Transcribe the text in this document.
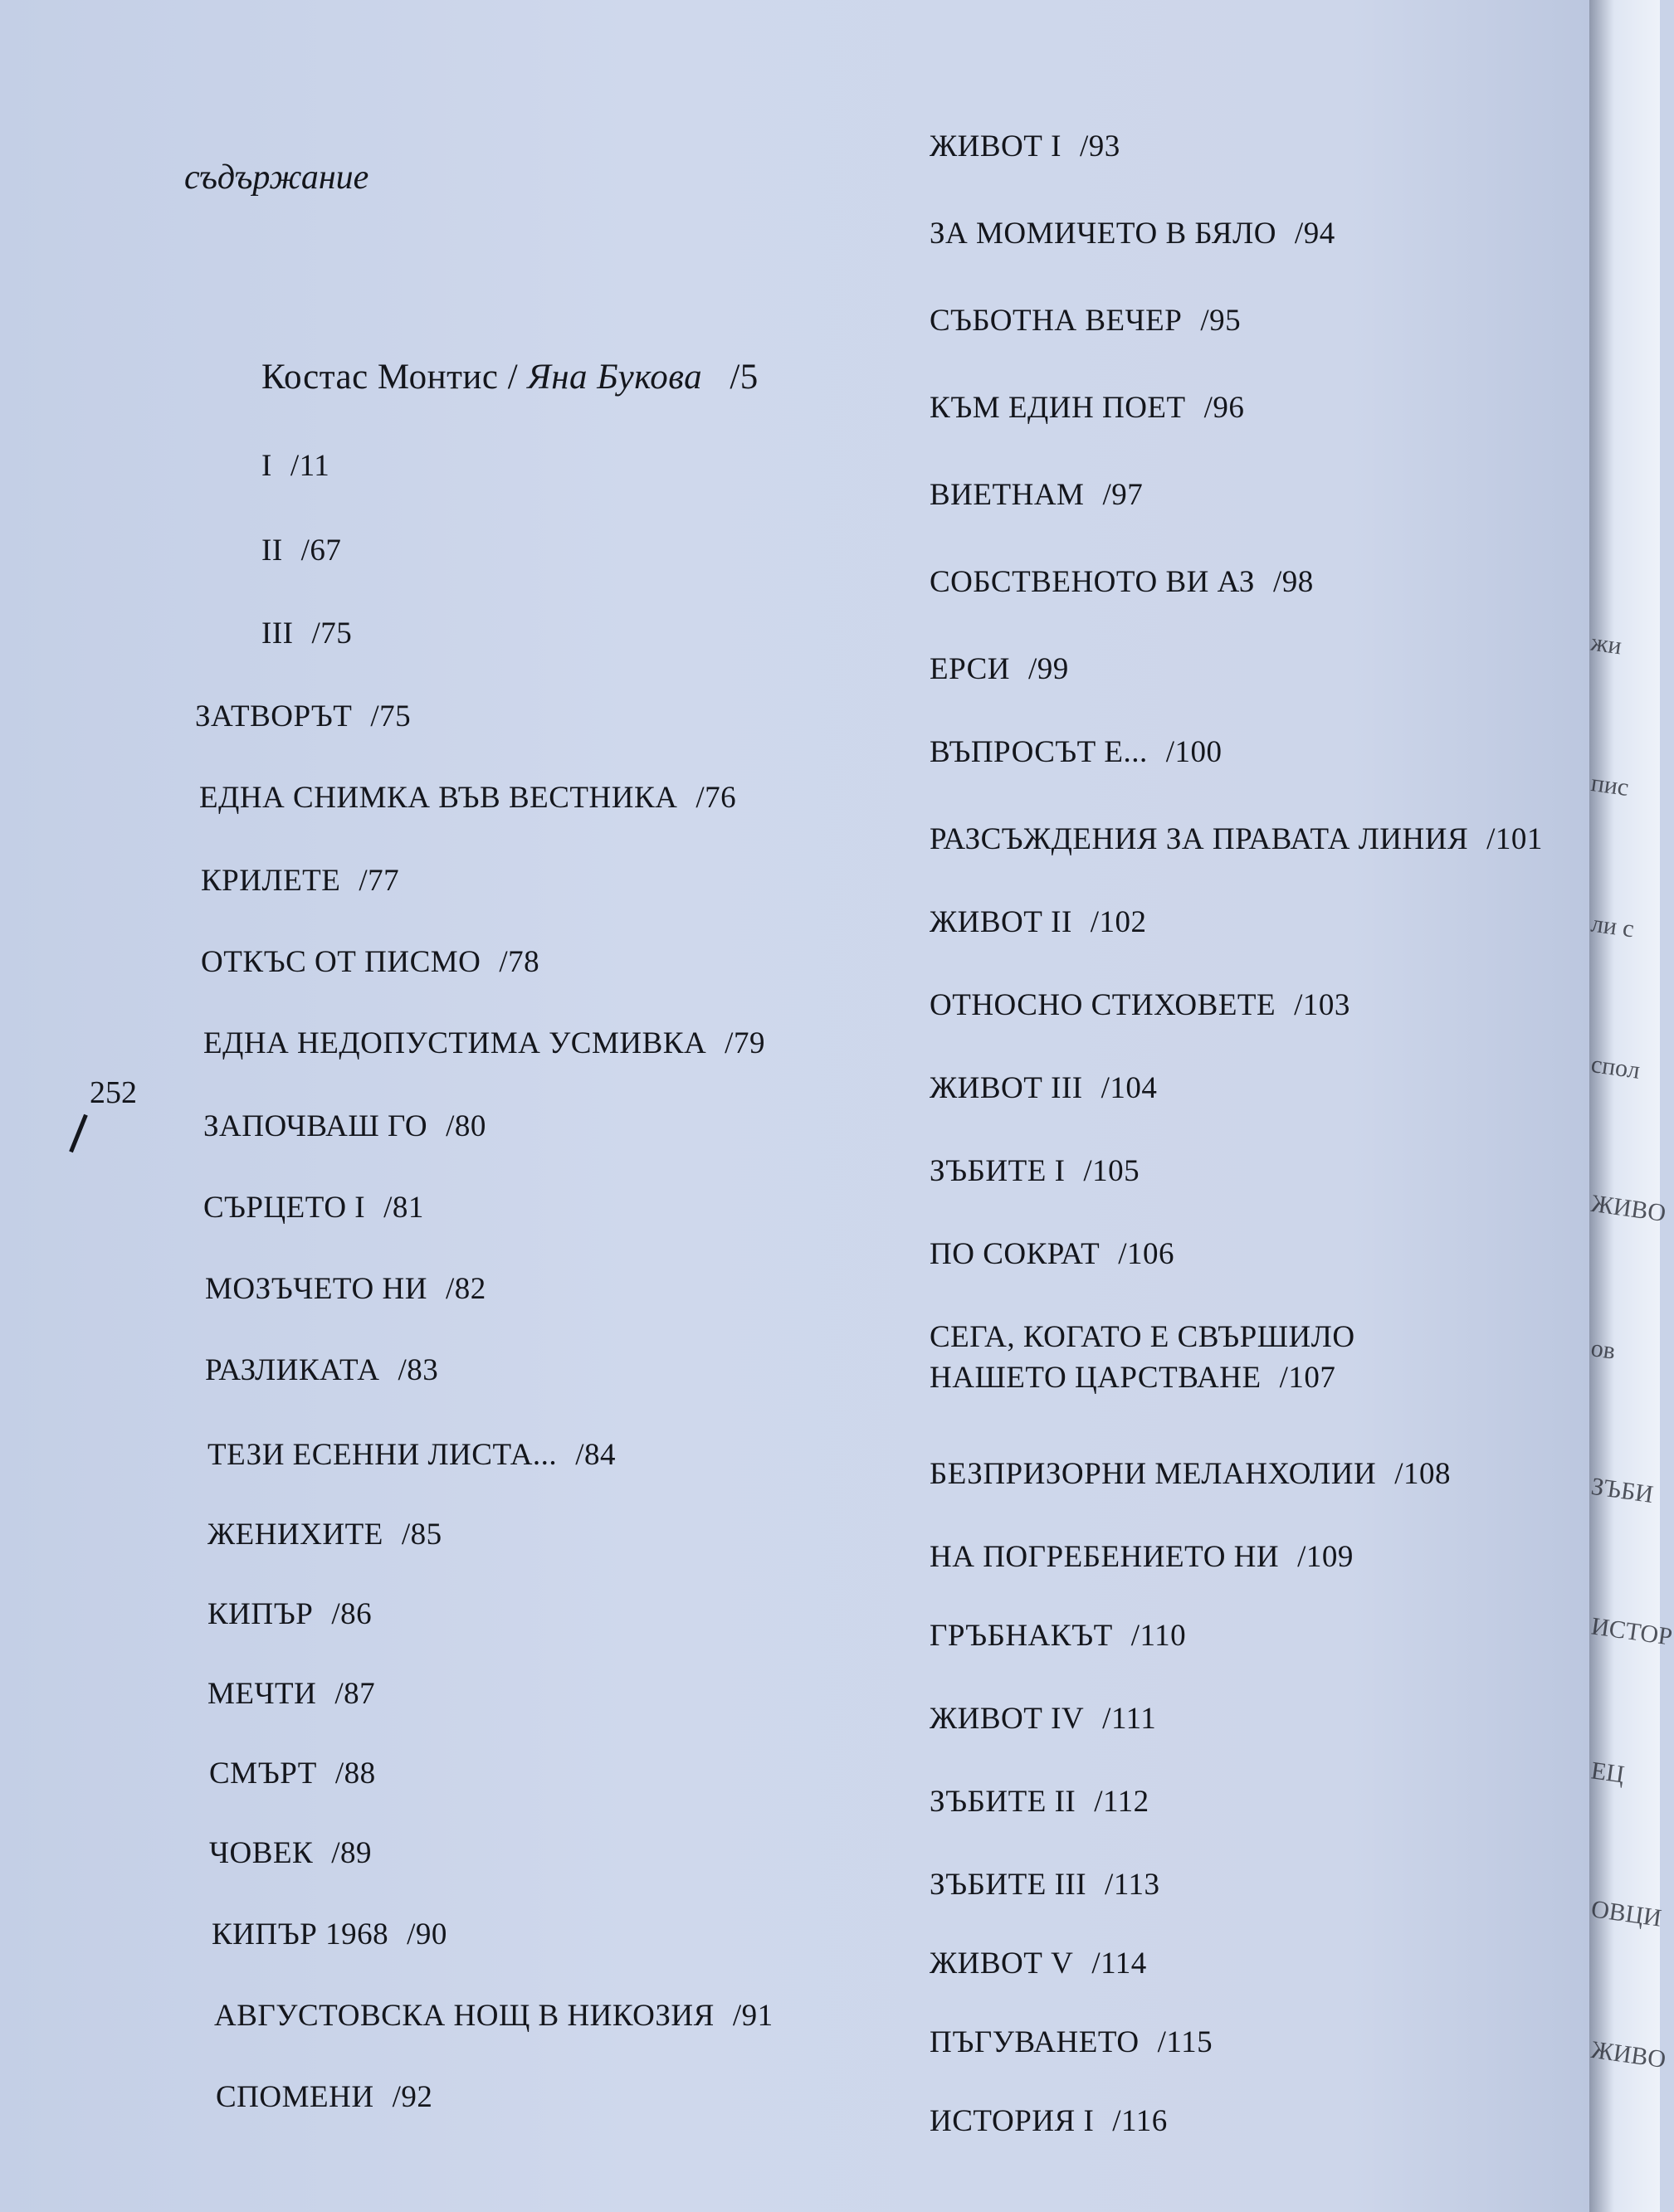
съдържание
252
Костас Монтис / Яна Букова /5
I /11
II /67
III /75
ЗАТВОРЪТ /75
ЕДНА СНИМКА ВЪВ ВЕСТНИКА /76
КРИЛЕТЕ /77
ОТКЪС ОТ ПИСМО /78
ЕДНА НЕДОПУСТИМА УСМИВКА /79
ЗАПОЧВАШ ГО /80
СЪРЦЕТО I /81
МОЗЪЧЕТО НИ /82
РАЗЛИКАТА /83
ТЕЗИ ЕСЕННИ ЛИСТА... /84
ЖЕНИХИТЕ /85
КИПЪР /86
МЕЧТИ /87
СМЪРТ /88
ЧОВЕК /89
КИПЪР 1968 /90
АВГУСТОВСКА НОЩ В НИКОЗИЯ /91
СПОМЕНИ /92
ЖИВОТ I /93
ЗА МОМИЧЕТО В БЯЛО /94
СЪБОТНА ВЕЧЕР /95
КЪМ ЕДИН ПОЕТ /96
ВИЕТНАМ /97
СОБСТВЕНОТО ВИ АЗ /98
ЕРСИ /99
ВЪПРОСЪТ Е... /100
РАЗСЪЖДЕНИЯ ЗА ПРАВАТА ЛИНИЯ /101
ЖИВОТ II /102
ОТНОСНО СТИХОВЕТЕ /103
ЖИВОТ III /104
ЗЪБИТЕ I /105
ПО СОКРАТ /106
СЕГА, КОГАТО Е СВЪРШИЛО
НАШЕТО ЦАРСТВАНЕ /107
БЕЗПРИЗОРНИ МЕЛАНХОЛИИ /108
НА ПОГРЕБЕНИЕТО НИ /109
ГРЪБНАКЪТ /110
ЖИВОТ IV /111
ЗЪБИТЕ II /112
ЗЪБИТЕ III /113
ЖИВОТ V /114
ПЪГУВАНЕТО /115
ИСТОРИЯ I /116
жи
пис
ли с
спол
ЖИВО
ов
ЗЪБИ
ИСТОР
ЕЦ
ОВЦИ
ЖИВО
